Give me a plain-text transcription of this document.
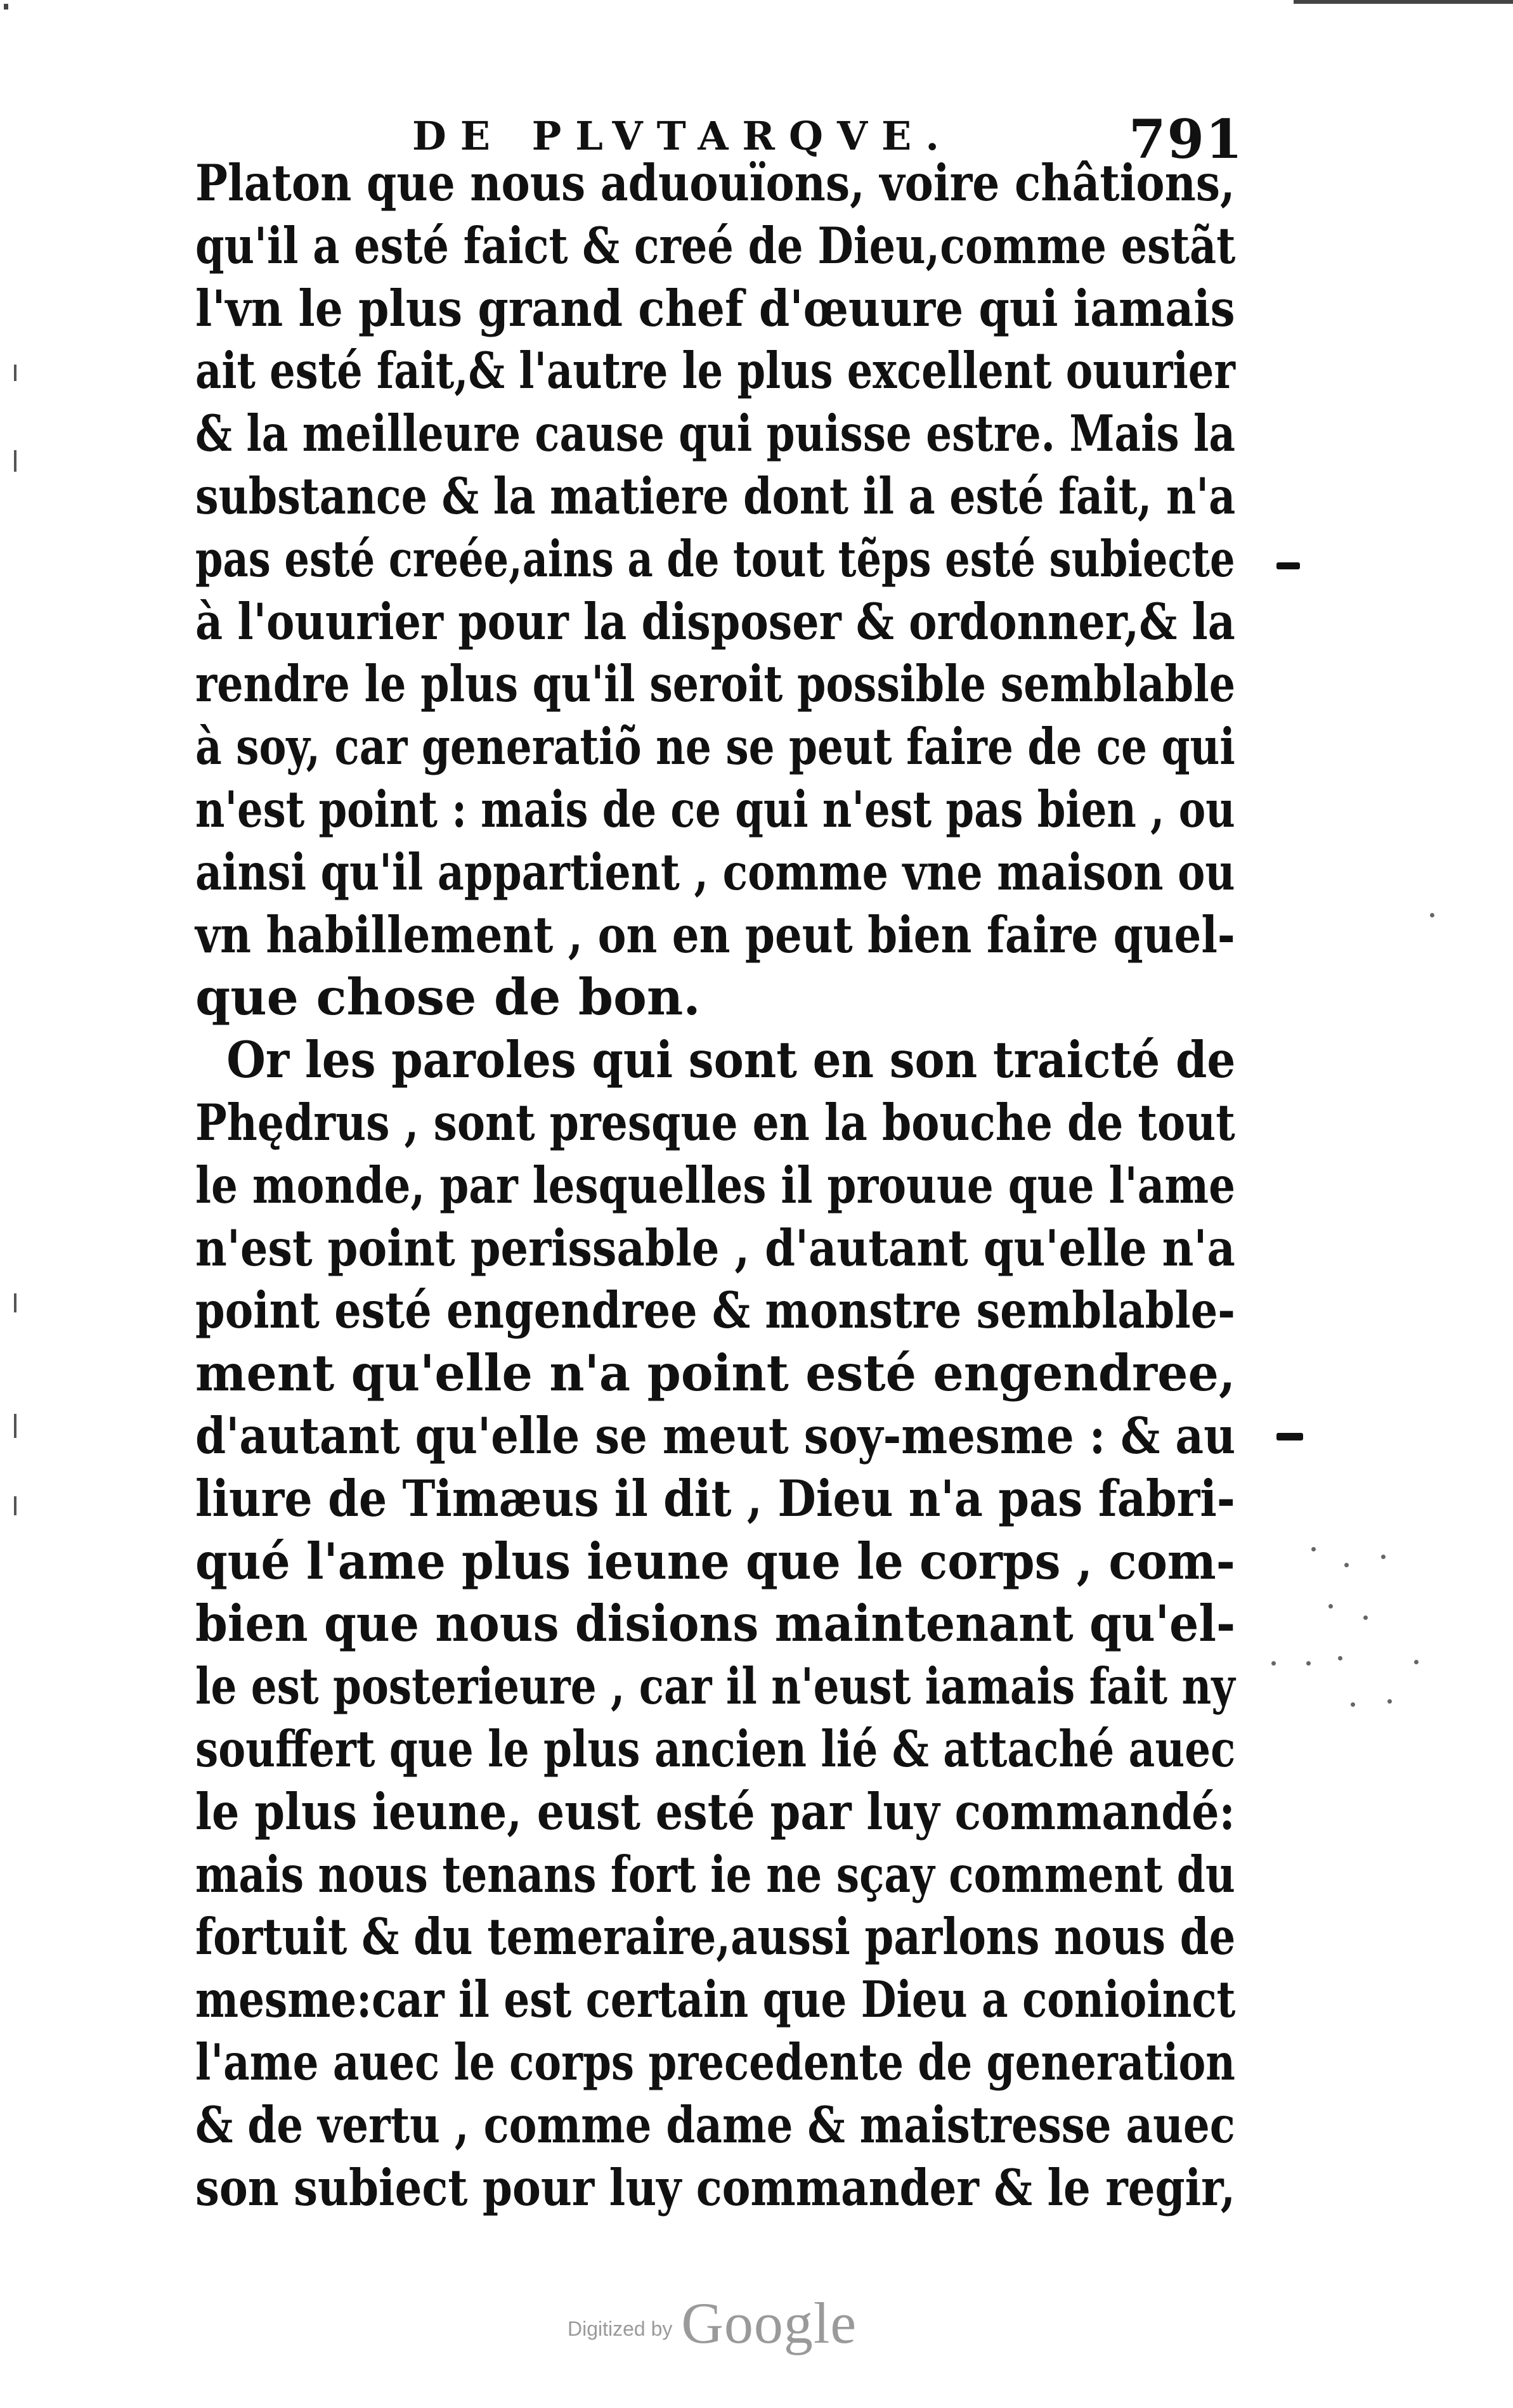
DE PLVTARQVE.	791
Platon que nous aduouïons, voire châtions,
qu'il a esté faict & creé de Dieu,comme estãt
l'vn le plus grand chef d'œuure qui iamais
ait esté fait,& l'autre le plus excellent ouurier
& la meilleure cause qui puisse estre. Mais la
substance & la matiere dont il a esté fait, n'a
pas esté creée,ains a de tout tẽps esté subiecte
à l'ouurier pour la disposer & ordonner,& la
rendre le plus qu'il seroit possible semblable
à soy, car generatiõ ne se peut faire de ce qui
n'est point : mais de ce qui n'est pas bien , ou
ainsi qu'il appartient , comme vne maison ou
vn habillement , on en peut bien faire quel-
que chose de bon.
Or les paroles qui sont en son traicté de
Phędrus , sont presque en la bouche de tout
le monde, par lesquelles il prouue que l'ame
n'est point perissable , d'autant qu'elle n'a
point esté engendree & monstre semblable-
ment qu'elle n'a point esté engendree,
d'autant qu'elle se meut soy-mesme : & au
liure de Timæus il dit , Dieu n'a pas fabri-
qué l'ame plus ieune que le corps , com-
bien que nous disions maintenant qu'el-
le est posterieure , car il n'eust iamais fait ny
souffert que le plus ancien lié & attaché auec
le plus ieune, eust esté par luy commandé:
mais nous tenans fort ie ne sçay comment du
fortuit & du temeraire,aussi parlons nous de
mesme:car il est certain que Dieu a conioinct
l'ame auec le corps precedente de generation
& de vertu , comme dame & maistresse auec
son subiect pour luy commander & le regir,
Digitized by Google
